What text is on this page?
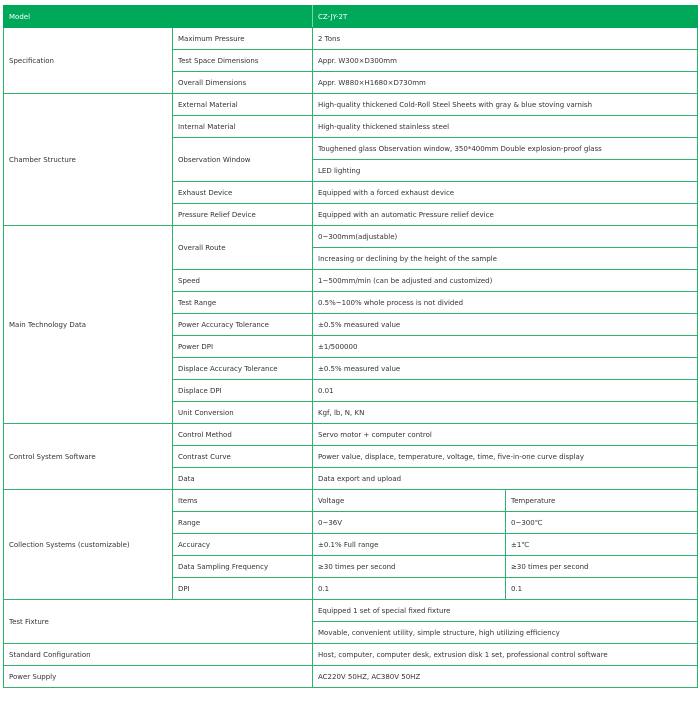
Model		CZ-JY-2T	
Specification	Maximum Pressure	2 Tons	
	Test Space Dimensions	Appr. W300×D300mm	
	Overall Dimensions	Appr. W880×H1680×D730mm	
Chamber Structure	External Material	High-quality thickened Cold-Roll Steel Sheets with gray & blue stoving varnish	
	Internal Material	High-quality thickened stainless steel	
	Observation Window	Toughened glass Observation window, 350*400mm Double explosion-proof glass	
		LED lighting	
	Exhaust Device	Equipped with a forced exhaust device	
	Pressure Relief Device	Equipped with an automatic Pressure relief device	
Main Technology Data	Overall Route	0~300mm(adjustable)	
		Increasing or declining by the height of the sample	
	Speed	1~500mm/min (can be adjusted and customized)	
	Test Range	0.5%~100% whole process is not divided	
	Power Accuracy Tolerance	±0.5% measured value	
	Power DPI	±1/500000	
	Displace Accuracy Tolerance	±0.5% measured value	
	Displace DPI	0.01	
	Unit Conversion	Kgf, lb, N, KN	
Control System Software	Control Method	Servo motor + computer control	
	Contrast Curve	Power value, displace, temperature, voltage, time, five-in-one curve display	
	Data	Data export and upload	
Collection Systems (customizable)	Items	Voltage	Temperature
	Range	0~36V	0~300℃
	Accuracy	±0.1% Full range	±1℃
	Data Sampling Frequency	≥30 times per second	≥30 times per second
	DPI	0.1	0.1
Test Fixture		Equipped 1 set of special fixed fixture	
		Movable, convenient utility, simple structure, high utilizing efficiency	
Standard Configuration		Host, computer, computer desk, extrusion disk 1 set, professional control software	
Power Supply		AC220V 50HZ, AC380V 50HZ	
